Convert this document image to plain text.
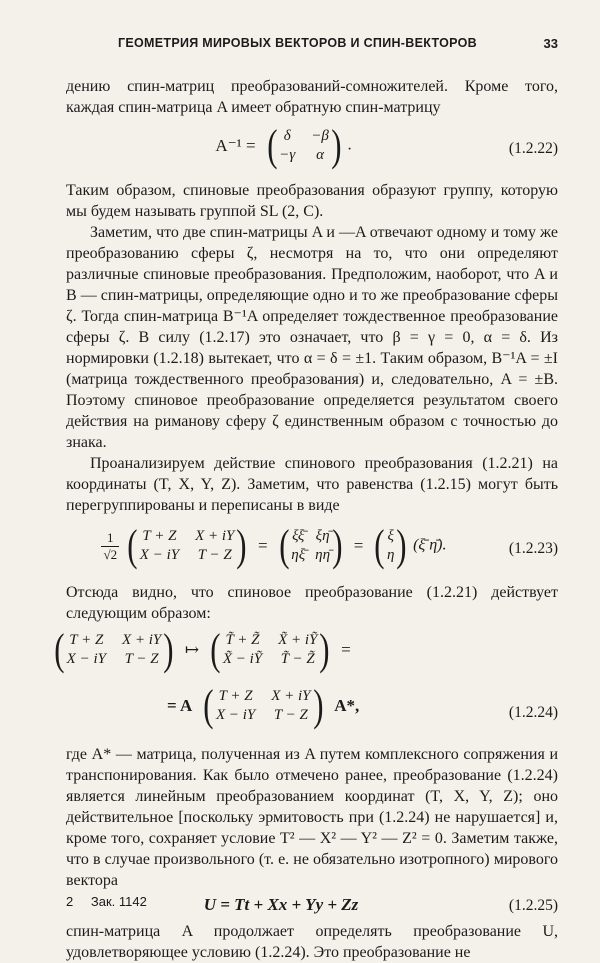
ГЕОМЕТРИЯ МИРОВЫХ ВЕКТОРОВ И СПИН-ВЕКТОРОВ	33

дению спин-матриц преобразований-сомножителей. Кроме того, каждая спин-матрица A имеет обратную спин-матрицу

A⁻¹ = ( δ	−β
−γ	α ) .	(1.2.22)

Таким образом, спиновые преобразования образуют группу, которую мы будем называть группой SL (2, C).

Заметим, что две спин-матрицы A и —A отвечают одному и тому же преобразованию сферы ζ, несмотря на то, что они определяют различные спиновые преобразования. Предположим, наоборот, что A и B — спин-матрицы, определяющие одно и то же преобразование сферы ζ. Тогда спин-матрица B⁻¹A определяет тождественное преобразование сферы ζ. В силу (1.2.17) это означает, что β = γ = 0, α = δ. Из нормировки (1.2.18) вытекает, что α = δ = ±1. Таким образом, B⁻¹A = ±I (матрица тождественного преобразования) и, следовательно, A = ±B. Поэтому спиновое преобразование определяется результатом своего действия на риманову сферу ζ единственным образом с точностью до знака.

Проанализируем действие спинового преобразования (1.2.21) на координаты (T, X, Y, Z). Заметим, что равенства (1.2.15) могут быть перегруппированы и переписаны в виде

$\frac{1}{√2}$
( T + Z X + iY
X − iY T − Z ) = ( ξξ̄ ξη̄
ηξ̄ ηη̄ ) = ( ξ
η ) (ξ̄ η̄).	(1.2.23)

Отсюда видно, что спиновое преобразование (1.2.21) действует следующим образом:

( T + Z X + iY
X − iY T − Z ) ↦ ( T̃ + Z̃ X̃ + iỸ
X̃ − iỸ T̃ − Z̃ ) =
= A ( T + Z X + iY
X − iY T − Z ) A*,	(1.2.24)

где A* — матрица, полученная из A путем комплексного сопряжения и транспонирования. Как было отмечено ранее, преобразование (1.2.24) является линейным преобразованием координат (T, X, Y, Z); оно действительное [поскольку эрмитовость при (1.2.24) не нарушается] и, кроме того, сохраняет условие T² — X² — Y² — Z² = 0. Заметим также, что в случае произвольного (т. е. не обязательно изотропного) мирового вектора

U = Tt + Xx + Yy + Zz	(1.2.25)

спин-матрица A продолжает определять преобразование U, удовлетворяющее условию (1.2.24). Это преобразование не

2 Зак. 1142
